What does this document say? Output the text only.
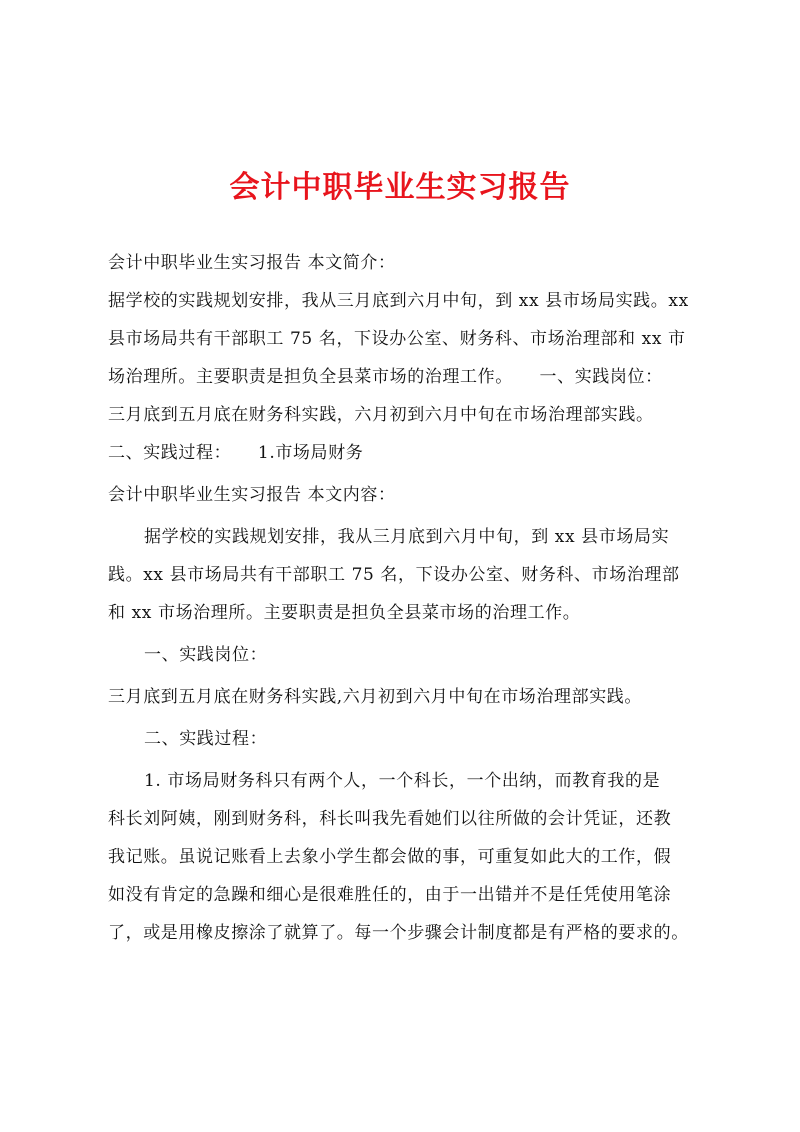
会计中职毕业生实习报告

会计中职毕业生实习报告 本文简介：

据学校的实践规划安排，我从三月底到六月中旬，到 xx 县市场局实践。xx

县市场局共有干部职工 75 名，下设办公室、财务科、市场治理部和 xx 市

场治理所。主要职责是担负全县菜市场的治理工作。　　一、实践岗位：

三月底到五月底在财务科实践，六月初到六月中旬在市场治理部实践。

二、实践过程：　　1.市场局财务

会计中职毕业生实习报告 本文内容：

据学校的实践规划安排，我从三月底到六月中旬，到 xx 县市场局实

践。xx 县市场局共有干部职工 75 名，下设办公室、财务科、市场治理部

和 xx 市场治理所。主要职责是担负全县菜市场的治理工作。

一、实践岗位：

三月底到五月底在财务科实践,六月初到六月中旬在市场治理部实践。

二、实践过程：

1. 市场局财务科只有两个人，一个科长，一个出纳，而教育我的是

科长刘阿姨，刚到财务科，科长叫我先看她们以往所做的会计凭证，还教

我记账。虽说记账看上去象小学生都会做的事，可重复如此大的工作，假

如没有肯定的急躁和细心是很难胜任的，由于一出错并不是任凭使用笔涂

了，或是用橡皮擦涂了就算了。每一个步骤会计制度都是有严格的要求的。
